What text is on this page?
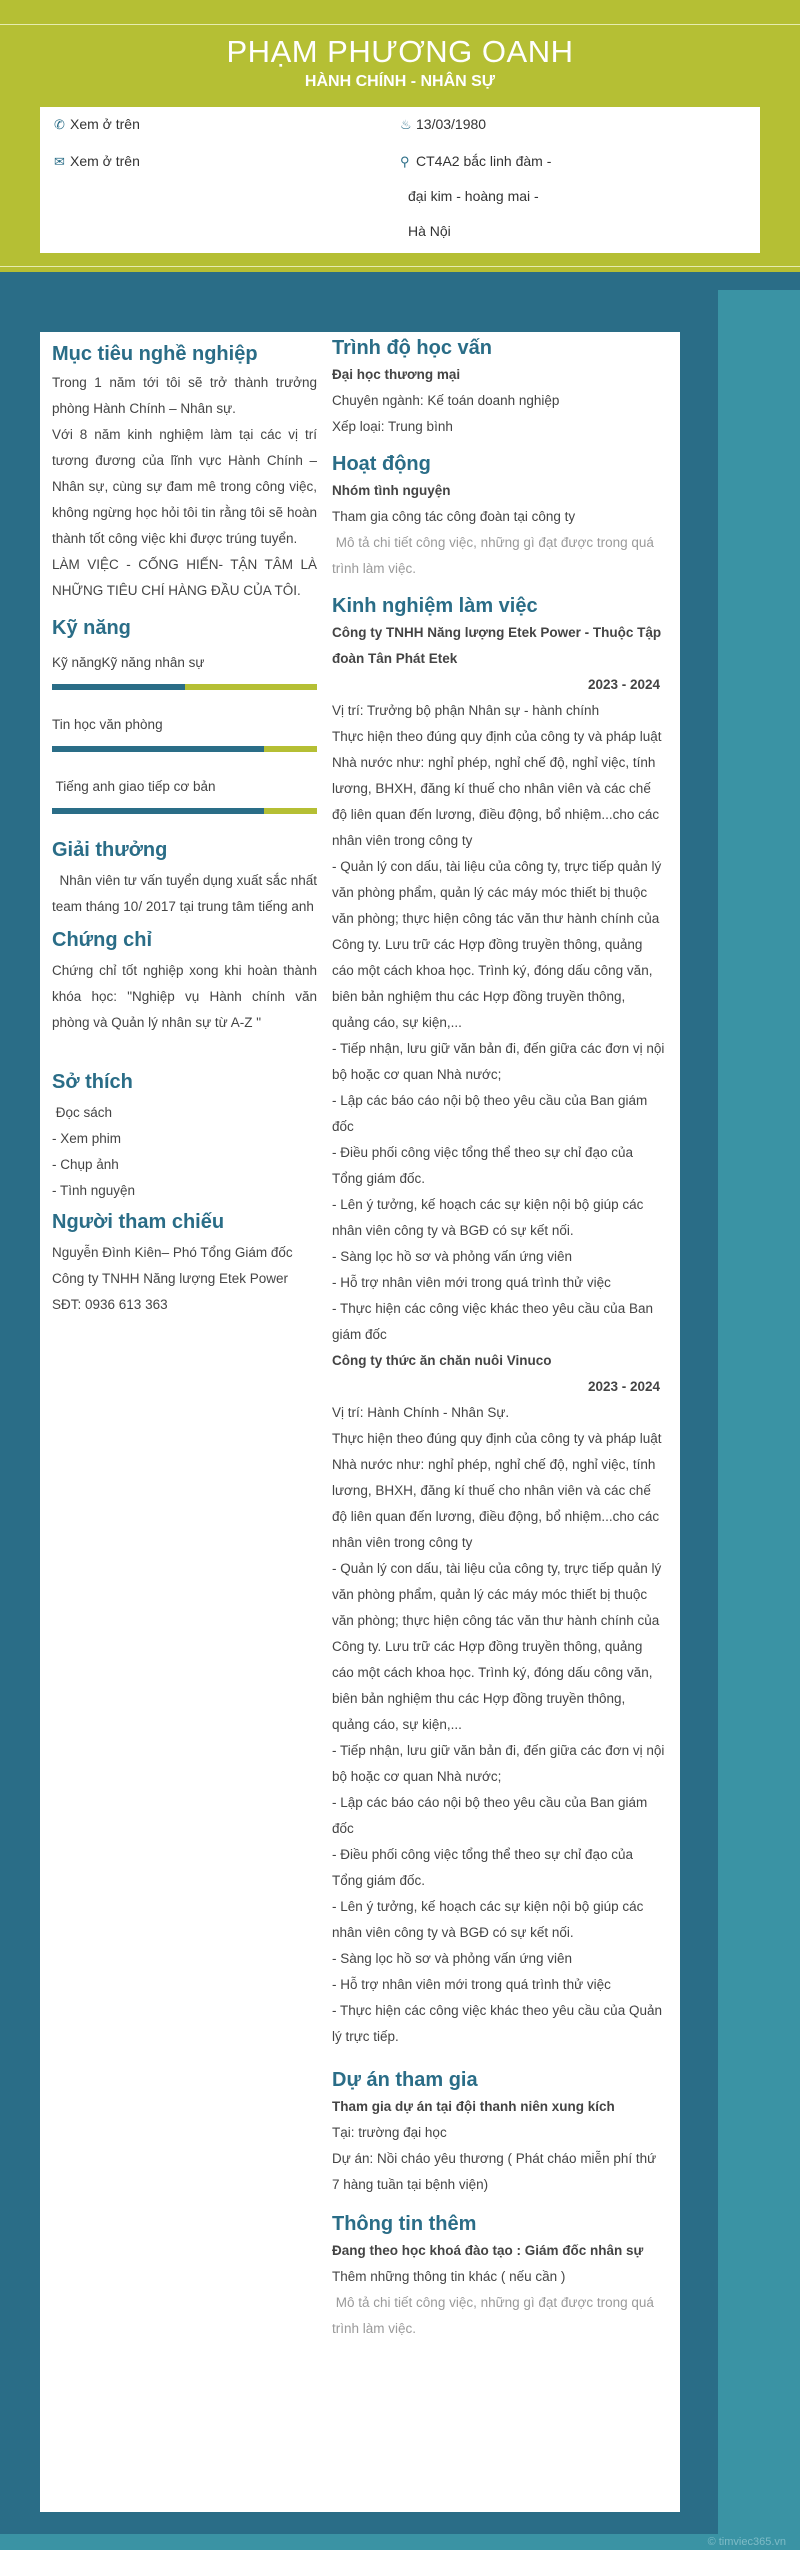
PHẠM PHƯƠNG OANH
HÀNH CHÍNH - NHÂN SỰ
✆ Xem ở trên
✉ Xem ở trên
♨ 13/03/1980
⚲ CT4A2 bắc linh đàm -
đại kim - hoàng mai -
Hà Nội
© timviec365.vn
Mục tiêu nghề nghiệp
Trong 1 năm tới tôi sẽ trở thành trưởng phòng Hành Chính – Nhân sự.
Với 8 năm kinh nghiệm làm tại các vị trí tương đương của lĩnh vực Hành Chính – Nhân sự, cùng sự đam mê trong công việc, không ngừng học hỏi tôi tin rằng tôi sẽ hoàn thành tốt công việc khi được trúng tuyển.
LÀM VIỆC - CỐNG HIẾN- TẬN TÂM LÀ NHỮNG TIÊU CHÍ HÀNG ĐẦU CỦA TÔI.
Kỹ năng
Kỹ năngKỹ năng nhân sự
Tin học văn phòng
Tiếng anh giao tiếp cơ bản
Giải thưởng
Nhân viên tư vấn tuyển dụng xuất sắc nhất team tháng 10/ 2017 tại trung tâm tiếng anh
Chứng chỉ
Chứng chỉ tốt nghiệp xong khi hoàn thành khóa học: "Nghiệp vụ Hành chính văn phòng và Quản lý nhân sự từ A-Z "
Sở thích
Đọc sách
- Xem phim
- Chụp ảnh
- Tình nguyện
Người tham chiếu
Nguyễn Đình Kiên– Phó Tổng Giám đốc
Công ty TNHH Năng lượng Etek Power
SĐT: 0936 613 363
Trình độ học vấn
Đại học thương mại
Chuyên ngành: Kế toán doanh nghiệp
Xếp loại: Trung bình
Hoạt động
Nhóm tình nguyện
Tham gia công tác công đoàn tại công ty
Mô tả chi tiết công việc, những gì đạt được trong quá trình làm việc.
Kinh nghiệm làm việc
Công ty TNHH Năng lượng Etek Power - Thuộc Tập đoàn Tân Phát Etek
2023 - 2024
Vị trí: Trưởng bộ phận Nhân sự - hành chính
Thực hiện theo đúng quy định của công ty và pháp luật Nhà nước như: nghỉ phép, nghỉ chế độ, nghỉ việc, tính lương, BHXH, đăng kí thuế cho nhân viên và các chế độ liên quan đến lương, điều động, bổ nhiệm...cho các nhân viên trong công ty
- Quản lý con dấu, tài liệu của công ty, trực tiếp quản lý văn phòng phẩm, quản lý các máy móc thiết bị thuộc văn phòng; thực hiện công tác văn thư hành chính của Công ty. Lưu trữ các Hợp đồng truyền thông, quảng cáo một cách khoa học. Trình ký, đóng dấu công văn, biên bản nghiệm thu các Hợp đồng truyền thông, quảng cáo, sự kiện,...
- Tiếp nhận, lưu giữ văn bản đi, đến giữa các đơn vị nội bộ hoặc cơ quan Nhà nước;
- Lập các báo cáo nội bộ theo yêu cầu của Ban giám đốc
- Điều phối công việc tổng thể theo sự chỉ đạo của Tổng giám đốc.
- Lên ý tưởng, kế hoạch các sự kiện nội bộ giúp các nhân viên công ty và BGĐ có sự kết nối.
- Sàng lọc hồ sơ và phỏng vấn ứng viên
- Hỗ trợ nhân viên mới trong quá trình thử việc
- Thực hiện các công việc khác theo yêu cầu của Ban giám đốc
Công ty thức ăn chăn nuôi Vinuco
2023 - 2024
Vị trí: Hành Chính - Nhân Sự.
Thực hiện theo đúng quy định của công ty và pháp luật Nhà nước như: nghỉ phép, nghỉ chế độ, nghỉ việc, tính lương, BHXH, đăng kí thuế cho nhân viên và các chế độ liên quan đến lương, điều động, bổ nhiệm...cho các nhân viên trong công ty
- Quản lý con dấu, tài liệu của công ty, trực tiếp quản lý văn phòng phẩm, quản lý các máy móc thiết bị thuộc văn phòng; thực hiện công tác văn thư hành chính của Công ty. Lưu trữ các Hợp đồng truyền thông, quảng cáo một cách khoa học. Trình ký, đóng dấu công văn, biên bản nghiệm thu các Hợp đồng truyền thông, quảng cáo, sự kiện,...
- Tiếp nhận, lưu giữ văn bản đi, đến giữa các đơn vị nội bộ hoặc cơ quan Nhà nước;
- Lập các báo cáo nội bộ theo yêu cầu của Ban giám đốc
- Điều phối công việc tổng thể theo sự chỉ đạo của Tổng giám đốc.
- Lên ý tưởng, kế hoạch các sự kiện nội bộ giúp các nhân viên công ty và BGĐ có sự kết nối.
- Sàng lọc hồ sơ và phỏng vấn ứng viên
- Hỗ trợ nhân viên mới trong quá trình thử việc
- Thực hiện các công việc khác theo yêu cầu của Quản lý trực tiếp.
Dự án tham gia
Tham gia dự án tại đội thanh niên xung kích
Tại: trường đại học
Dự án: Nồi cháo yêu thương ( Phát cháo miễn phí thứ 7 hàng tuần tại bệnh viện)
Thông tin thêm
Đang theo học khoá đào tạo : Giám đốc nhân sự
Thêm những thông tin khác ( nếu cần )
Mô tả chi tiết công việc, những gì đạt được trong quá trình làm việc.
